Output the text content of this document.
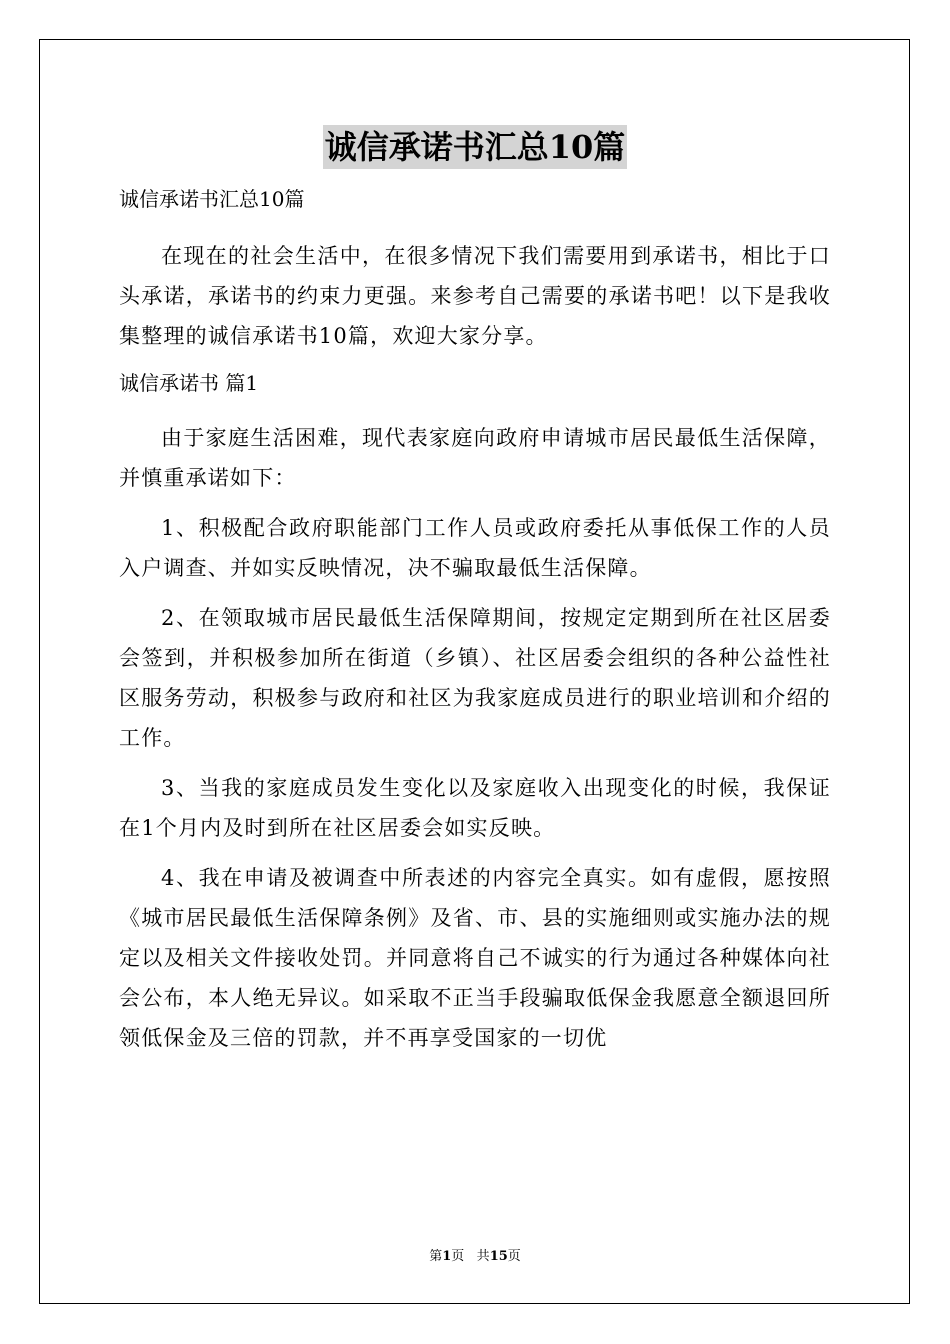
诚信承诺书汇总10篇
诚信承诺书汇总10篇

在现在的社会生活中，在很多情况下我们需要用到承诺书，相比于口头承诺，承诺书的约束力更强。来参考自己需要的承诺书吧！以下是我收集整理的诚信承诺书10篇，欢迎大家分享。

诚信承诺书 篇1

由于家庭生活困难，现代表家庭向政府申请城市居民最低生活保障，并慎重承诺如下：

1、积极配合政府职能部门工作人员或政府委托从事低保工作的人员入户调查、并如实反映情况，决不骗取最低生活保障。

2、在领取城市居民最低生活保障期间，按规定定期到所在社区居委会签到，并积极参加所在街道（乡镇）、社区居委会组织的各种公益性社区服务劳动，积极参与政府和社区为我家庭成员进行的职业培训和介绍的工作。

3、当我的家庭成员发生变化以及家庭收入出现变化的时候，我保证在1个月内及时到所在社区居委会如实反映。

4、我在申请及被调查中所表述的内容完全真实。如有虚假，愿按照《城市居民最低生活保障条例》及省、市、县的实施细则或实施办法的规定以及相关文件接收处罚。并同意将自己不诚实的行为通过各种媒体向社会公布，本人绝无异议。如采取不正当手段骗取低保金我愿意全额退回所领低保金及三倍的罚款，并不再享受国家的一切优

第1页 共15页
